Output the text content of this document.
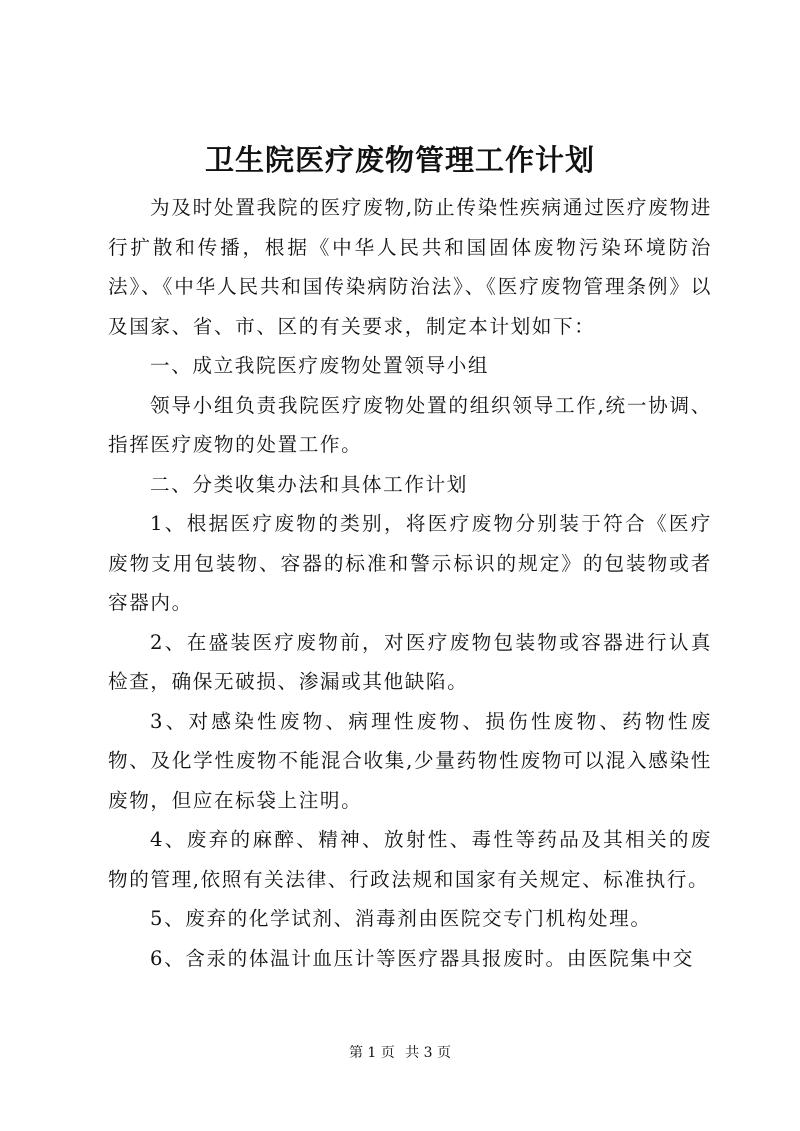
卫生院医疗废物管理工作计划

为及时处置我院的医疗废物,防止传染性疾病通过医疗废物进行扩散和传播，根据《中华人民共和国固体废物污染环境防治法》、《中华人民共和国传染病防治法》、《医疗废物管理条例》以及国家、省、市、区的有关要求，制定本计划如下：

一、成立我院医疗废物处置领导小组

领导小组负责我院医疗废物处置的组织领导工作,统一协调、指挥医疗废物的处置工作。

二、分类收集办法和具体工作计划

1、根据医疗废物的类别，将医疗废物分别装于符合《医疗废物支用包装物、容器的标准和警示标识的规定》的包装物或者容器内。

2、在盛装医疗废物前，对医疗废物包装物或容器进行认真检查，确保无破损、渗漏或其他缺陷。

3、对感染性废物、病理性废物、损伤性废物、药物性废物、及化学性废物不能混合收集,少量药物性废物可以混入感染性废物，但应在标袋上注明。

4、废弃的麻醉、精神、放射性、毒性等药品及其相关的废物的管理,依照有关法律、行政法规和国家有关规定、标准执行。

5、废弃的化学试剂、消毒剂由医院交专门机构处理。

6、含汞的体温计血压计等医疗器具报废时。由医院集中交

第 1 页 共 3 页
